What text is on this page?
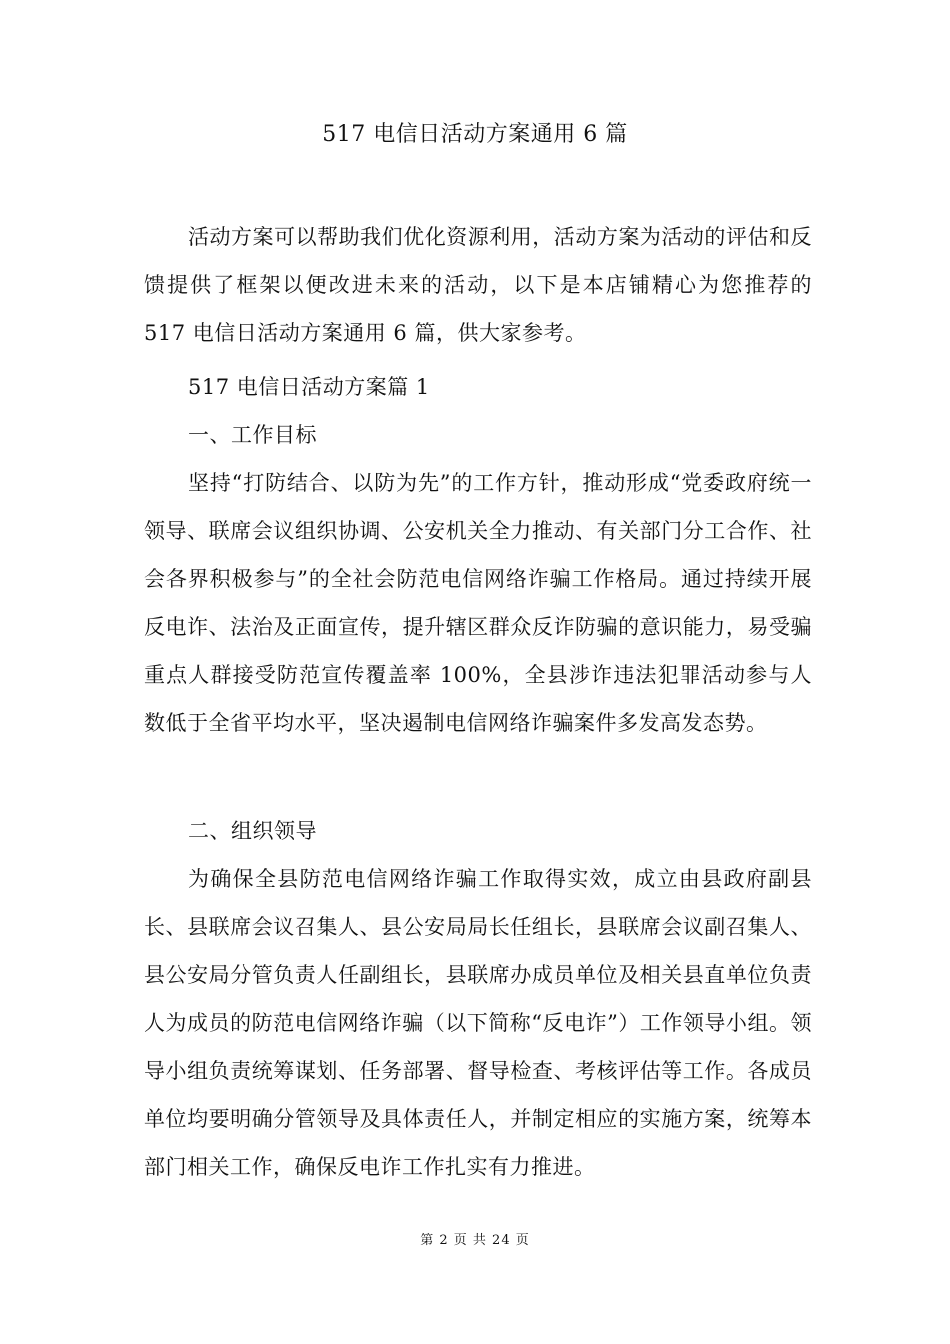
517 电信日活动方案通用 6 篇

活动方案可以帮助我们优化资源利用，活动方案为活动的评估和反馈提供了框架以便改进未来的活动，以下是本店铺精心为您推荐的 517 电信日活动方案通用 6 篇，供大家参考。

517 电信日活动方案篇 1

一、工作目标

坚持“打防结合、以防为先”的工作方针，推动形成“党委政府统一领导、联席会议组织协调、公安机关全力推动、有关部门分工合作、社会各界积极参与”的全社会防范电信网络诈骗工作格局。通过持续开展反电诈、法治及正面宣传，提升辖区群众反诈防骗的意识能力，易受骗重点人群接受防范宣传覆盖率 100%，全县涉诈违法犯罪活动参与人数低于全省平均水平，坚决遏制电信网络诈骗案件多发高发态势。

二、组织领导

为确保全县防范电信网络诈骗工作取得实效，成立由县政府副县长、县联席会议召集人、县公安局局长任组长，县联席会议副召集人、县公安局分管负责人任副组长，县联席办成员单位及相关县直单位负责人为成员的防范电信网络诈骗（以下简称“反电诈”）工作领导小组。领导小组负责统筹谋划、任务部署、督导检查、考核评估等工作。各成员单位均要明确分管领导及具体责任人，并制定相应的实施方案，统筹本部门相关工作，确保反电诈工作扎实有力推进。

第 2 页 共 24 页
